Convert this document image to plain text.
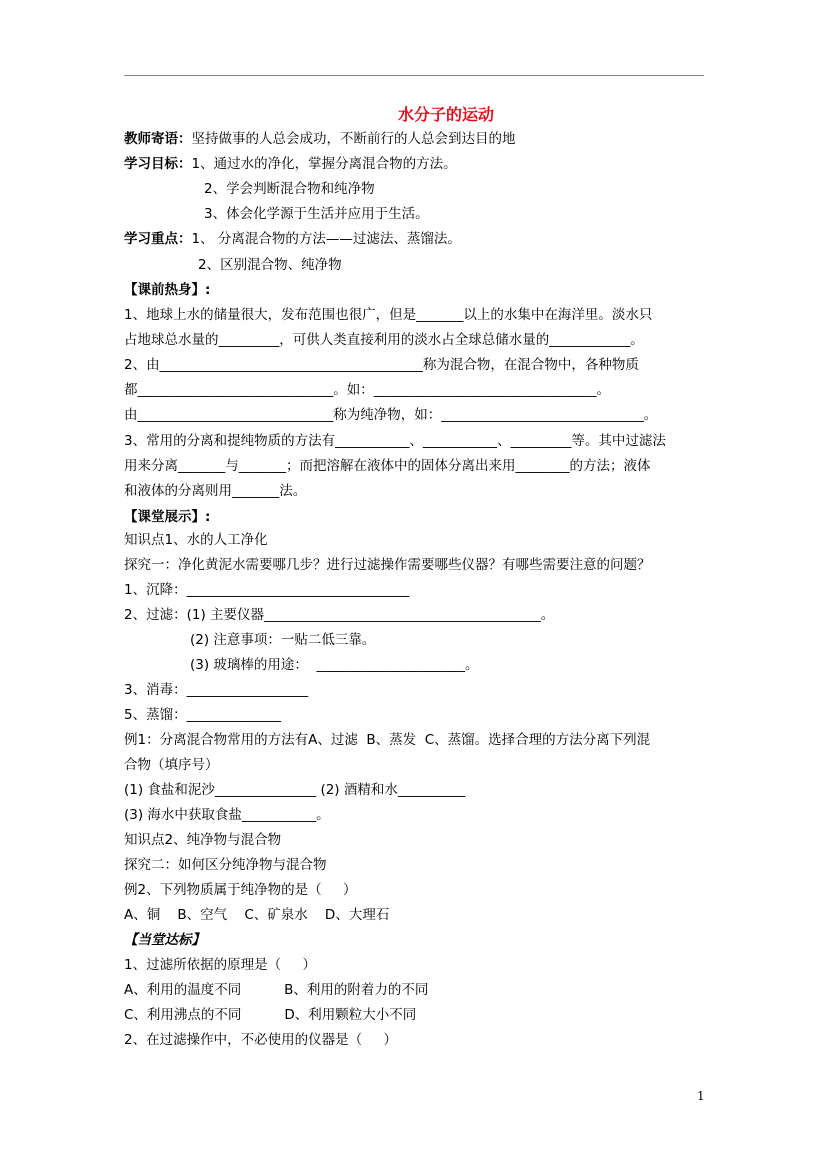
水分子的运动
教师寄语：坚持做事的人总会成功，不断前行的人总会到达目的地
学习目标：1、通过水的净化，掌握分离混合物的方法。
2、学会判断混合物和纯净物
3、体会化学源于生活并应用于生活。
学习重点：1、 分离混合物的方法——过滤法、蒸馏法。
2、区别混合物、纯净物
【课前热身】:
1、地球上水的储量很大，发布范围也很广，但是_______以上的水集中在海洋里。淡水只
占地球总水量的_________，可供人类直接利用的淡水占全球总储水量的____________。
2、由_______________________________________称为混合物，在混合物中，各种物质
都_____________________________。如：_________________________________。
由_____________________________称为纯净物，如：______________________________。
3、常用的分离和提纯物质的方法有___________、___________、_________等。其中过滤法
用来分离_______与_______；而把溶解在液体中的固体分离出来用________的方法；液体
和液体的分离则用_______法。
【课堂展示】:
知识点1、水的人工净化
探究一：净化黄泥水需要哪几步？进行过滤操作需要哪些仪器？有哪些需要注意的问题？
1、沉降：_________________________________
2、过滤：(1) 主要仪器_________________________________________。
(2) 注意事项：一贴二低三靠。
(3) 玻璃棒的用途：  ______________________。
3、消毒：__________________
5、蒸馏：______________
例1：分离混合物常用的方法有A、过滤  B、蒸发  C、蒸馏。选择合理的方法分离下列混
合物（填序号）
(1) 食盐和泥沙_______________ (2) 酒精和水__________
(3) 海水中获取食盐___________。
知识点2、纯净物与混合物
探究二：如何区分纯净物与混合物
例2、下列物质属于纯净物的是（     ）
A、铜    B、空气    C、矿泉水    D、大理石
【当堂达标】
1、过滤所依据的原理是（     ）
A、利用的温度不同          B、利用的附着力的不同
C、利用沸点的不同          D、利用颗粒大小不同
2、在过滤操作中，不必使用的仪器是（     ）
1
